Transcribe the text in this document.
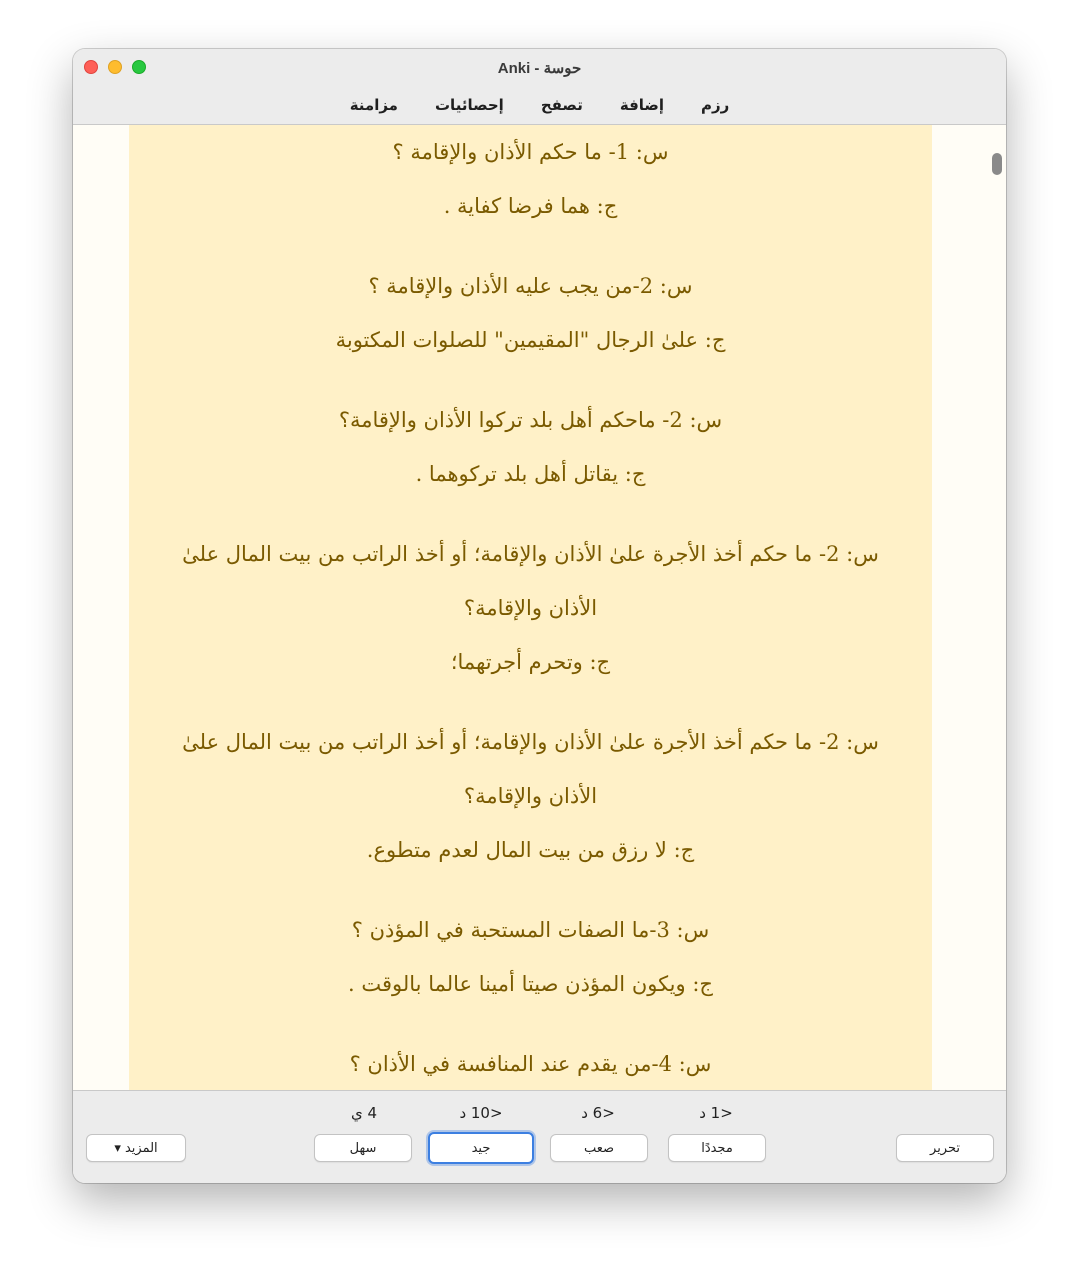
Anki - حوسة
رزم
إضافة
تصفح
إحصائيات
مزامنة

س: 1- ما حكم الأذان والإقامة ؟

ج: هما فرضا كفاية .

س: 2-من يجب عليه الأذان والإقامة ؟

ج: علىٰ الرجال "المقيمين" للصلوات المكتوبة

س: 2- ماحكم أهل بلد تركوا الأذان والإقامة؟

ج: يقاتل أهل بلد تركوهما .

س: 2- ما حكم أخذ الأجرة علىٰ الأذان والإقامة؛ أو أخذ الراتب من بيت المال علىٰ الأذان والإقامة؟

ج: وتحرم أجرتهما؛

س: 2- ما حكم أخذ الأجرة علىٰ الأذان والإقامة؛ أو أخذ الراتب من بيت المال علىٰ الأذان والإقامة؟

ج: لا رزق من بيت المال لعدم متطوع.

س: 3-ما الصفات المستحبة في المؤذن ؟

ج: ويكون المؤذن صيتا أمينا عالما بالوقت .

س: 4-من يقدم عند المنافسة في الأذان ؟

<1 د
<6 د
<10 د
4 ي
المزيد ▾	سهل	جيد	صعب	مجددًا	تحرير
